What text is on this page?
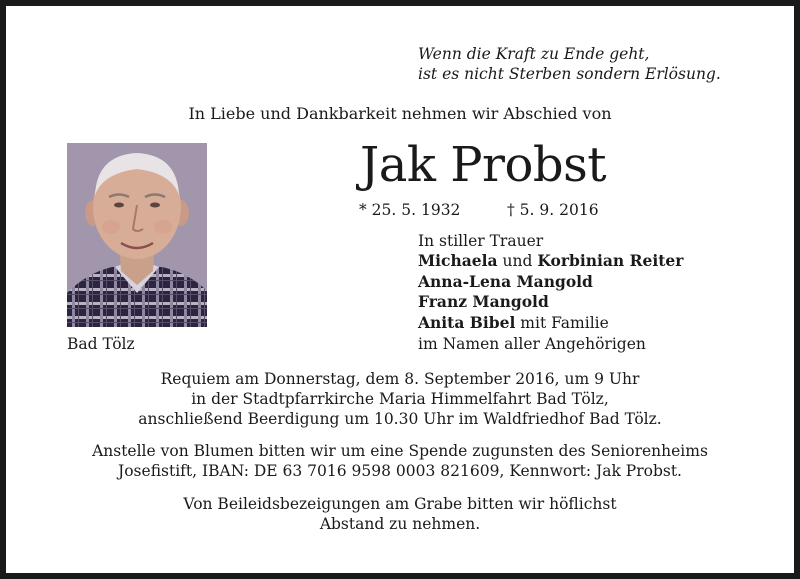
Wenn die Kraft zu Ende geht,
ist es nicht Sterben sondern Erlösung.
In Liebe und Dankbarkeit nehmen wir Abschied von
Bad Tölz
Jak Probst
* 25. 5. 1932	† 5. 9. 2016
In stiller Trauer
Michaela und Korbinian Reiter
Anna-Lena Mangold
Franz Mangold
Anita Bibel mit Familie
im Namen aller Angehörigen
Requiem am Donnerstag, dem 8. September 2016, um 9 Uhr
in der Stadtpfarrkirche Maria Himmelfahrt Bad Tölz,
anschließend Beerdigung um 10.30 Uhr im Waldfriedhof Bad Tölz.
Anstelle von Blumen bitten wir um eine Spende zugunsten des Seniorenheims
Josefistift, IBAN: DE 63 7016 9598 0003 821609, Kennwort: Jak Probst.
Von Beileidsbezeigungen am Grabe bitten wir höflichst
Abstand zu nehmen.
